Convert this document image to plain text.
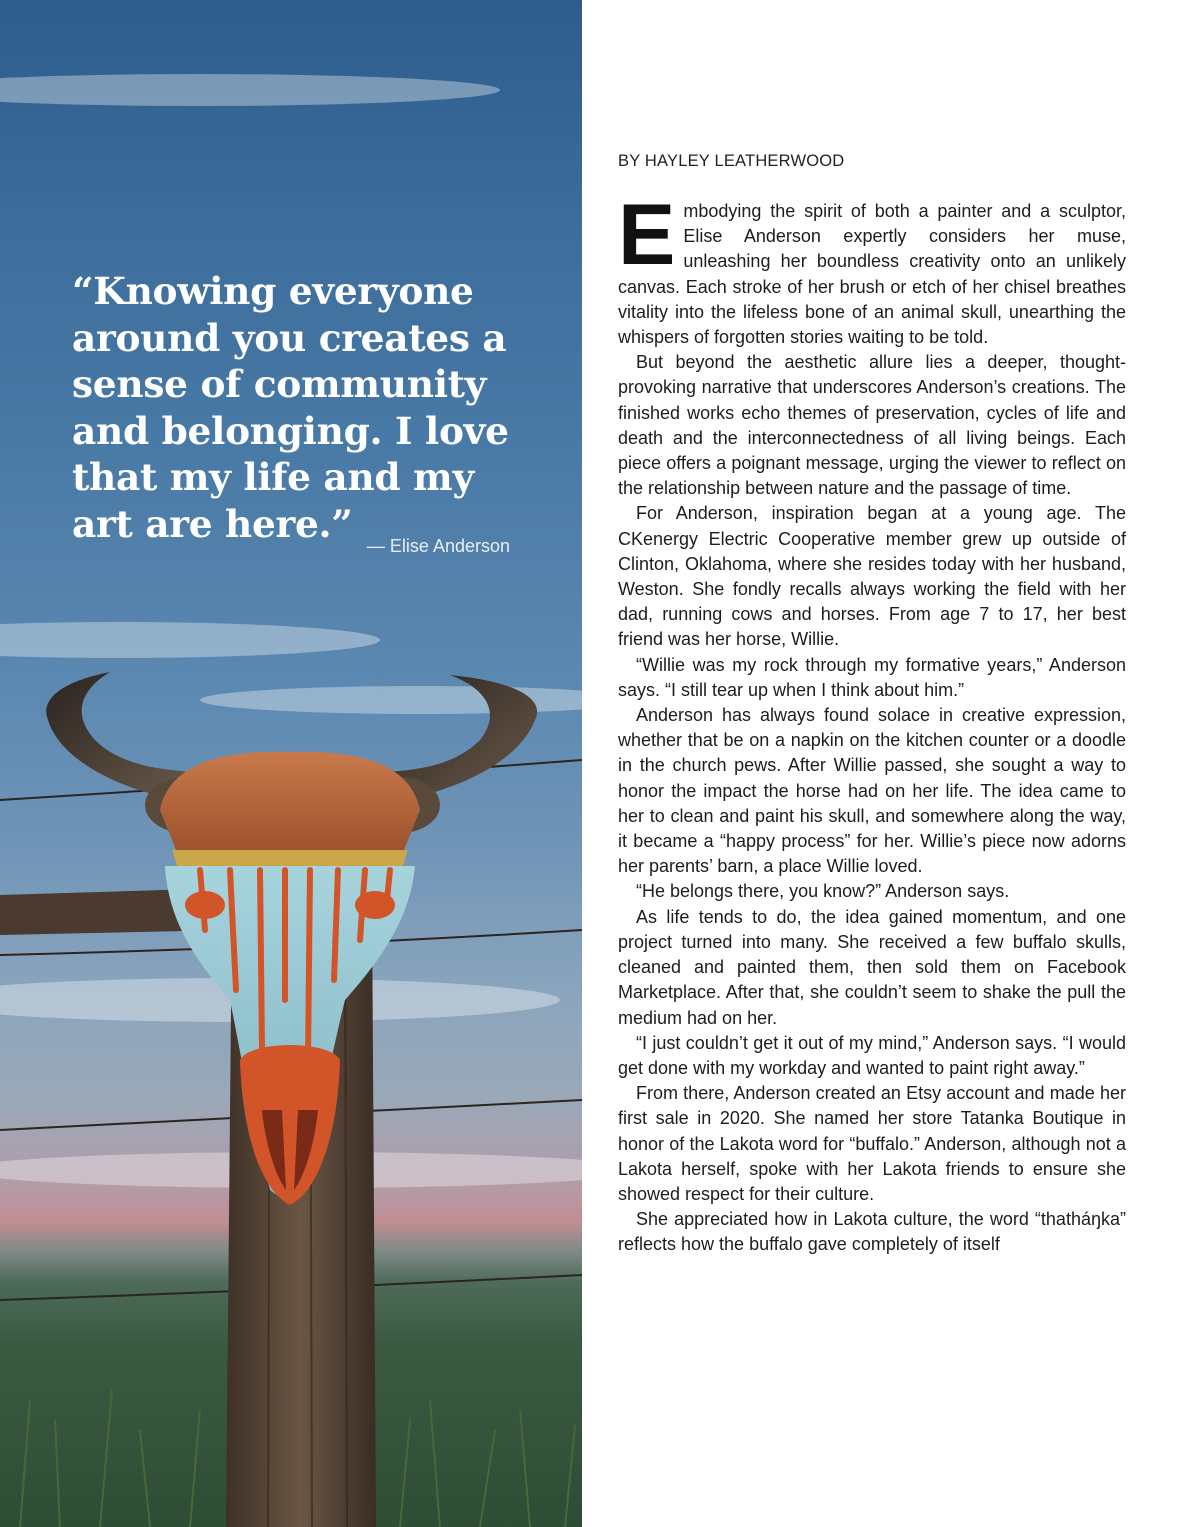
“Knowing everyone around you creates a sense of community and belonging. I love that my life and my art are here.”

— Elise Anderson
BY HAYLEY LEATHERWOOD

Embodying the spirit of both a painter and a sculptor, Elise Anderson expertly considers her muse, unleashing her boundless creativity onto an unlikely canvas. Each stroke of her brush or etch of her chisel breathes vitality into the lifeless bone of an animal skull, unearthing the whispers of forgotten stories waiting to be told.

But beyond the aesthetic allure lies a deeper, thought-provoking narrative that underscores Anderson’s creations. The finished works echo themes of preservation, cycles of life and death and the interconnectedness of all living beings. Each piece offers a poignant message, urging the viewer to reflect on the relationship between nature and the passage of time.

For Anderson, inspiration began at a young age. The CKenergy Electric Cooperative member grew up outside of Clinton, Oklahoma, where she resides today with her husband, Weston. She fondly recalls always working the field with her dad, running cows and horses. From age 7 to 17, her best friend was her horse, Willie.

“Willie was my rock through my formative years,” Anderson says. “I still tear up when I think about him.”

Anderson has always found solace in creative expression, whether that be on a napkin on the kitchen counter or a doodle in the church pews. After Willie passed, she sought a way to honor the impact the horse had on her life. The idea came to her to clean and paint his skull, and somewhere along the way, it became a “happy process” for her. Willie’s piece now adorns her parents’ barn, a place Willie loved.

“He belongs there, you know?” Anderson says.

As life tends to do, the idea gained momentum, and one project turned into many. She received a few buffalo skulls, cleaned and painted them, then sold them on Facebook Marketplace. After that, she couldn’t seem to shake the pull the medium had on her.

“I just couldn’t get it out of my mind,” Anderson says. “I would get done with my workday and wanted to paint right away.”

From there, Anderson created an Etsy account and made her first sale in 2020. She named her store Tatanka Boutique in honor of the Lakota word for “buffalo.” Anderson, although not a Lakota herself, spoke with her Lakota friends to ensure she showed respect for their culture.

She appreciated how in Lakota culture, the word “thatháŋka” reflects how the buffalo gave completely of itself
